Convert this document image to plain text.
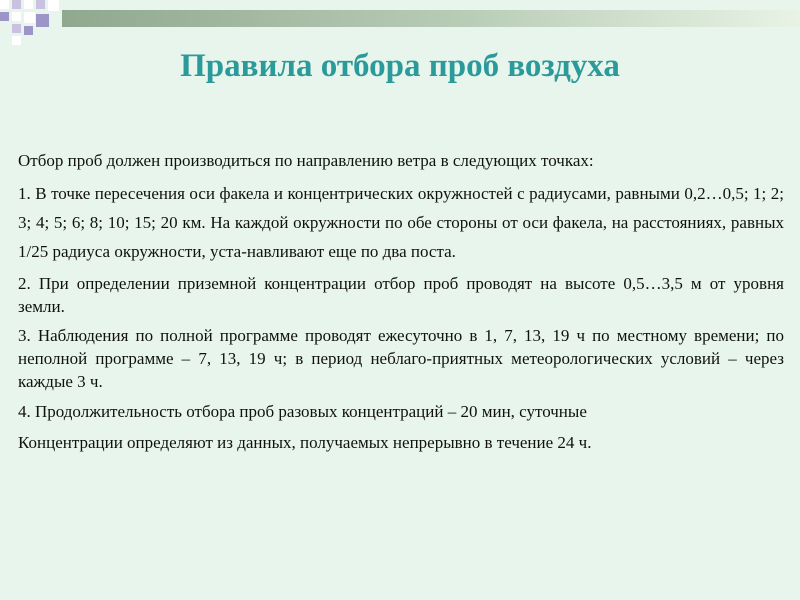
Правила отбора проб воздуха

Отбор проб должен производиться по направлению ветра в следующих точках:

1. В точке пересечения оси факела и концентрических окружностей с радиусами, равными 0,2…0,5; 1; 2; 3; 4; 5; 6; 8; 10; 15; 20 км. На каждой окружности по обе стороны от оси факела, на расстояниях, равных 1/25 радиуса окружности, уста-навливают еще по два поста.

2. При определении приземной концентрации отбор проб проводят на высоте 0,5…3,5 м от уровня земли.

3. Наблюдения по полной программе проводят ежесуточно в 1, 7, 13, 19 ч по местному времени; по неполной программе – 7, 13, 19 ч; в период неблаго-приятных метеорологических условий – через каждые 3 ч.

4. Продолжительность отбора проб разовых концентраций – 20 мин, суточные

Концентрации определяют из данных, получаемых непрерывно в течение 24 ч.
